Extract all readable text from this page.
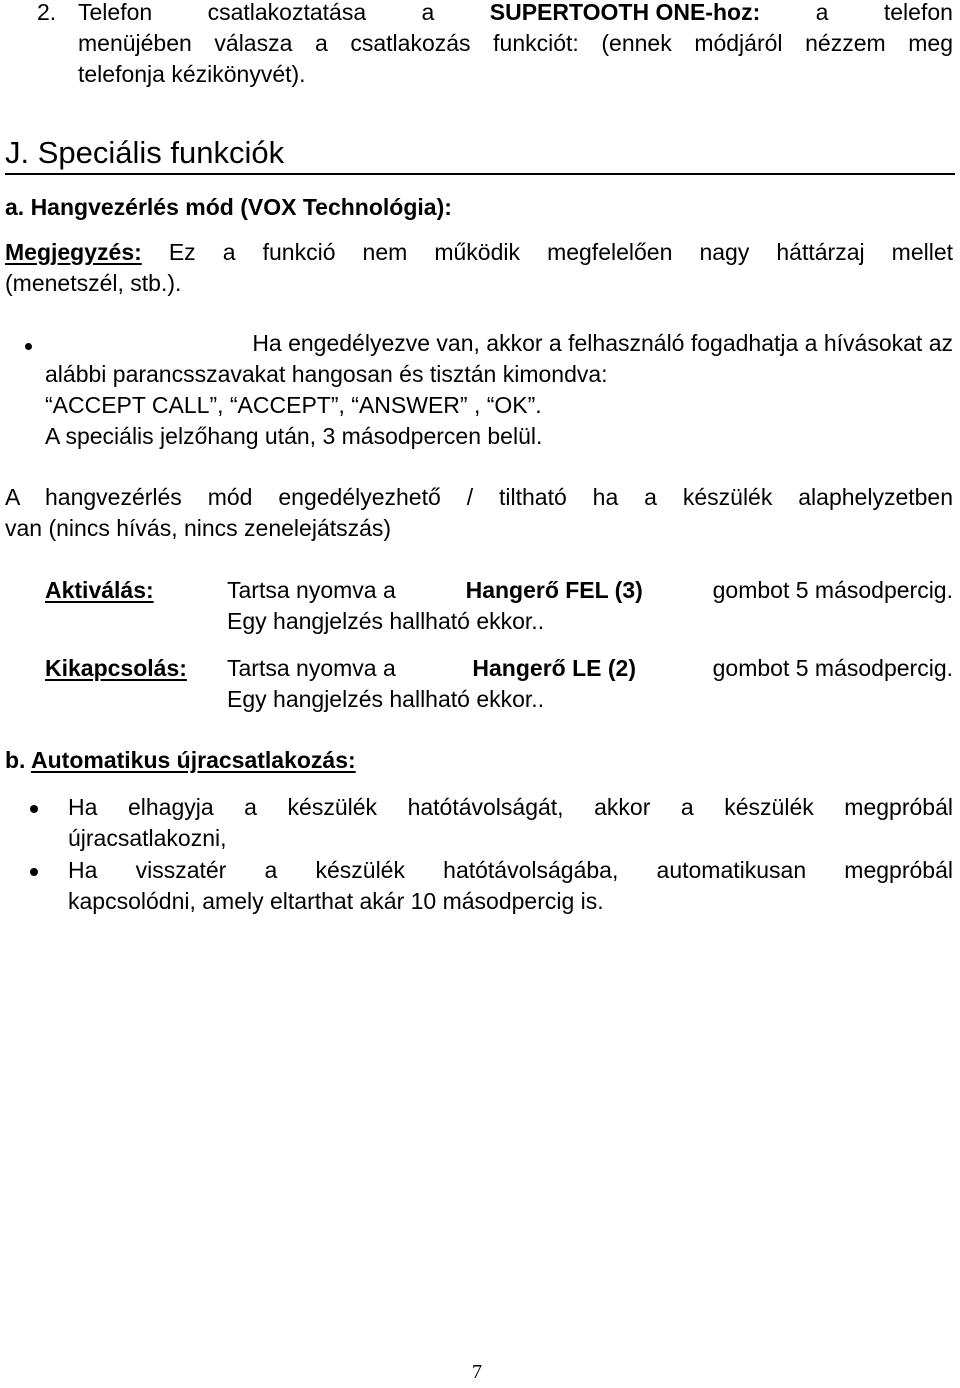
2. Telefon csatlakoztatása a SUPERTOOTH ONE-hoz: a telefon
menüjében válasza a csatlakozás funkciót: (ennek módjáról nézzem meg
telefonja kézikönyvét).
J. Speciális funkciók
a. Hangvezérlés mód (VOX Technológia):
Megjegyzés: Ez a funkció nem működik megfelelően nagy háttárzaj mellet
(menetszél, stb.).
Ha engedélyezve van, akkor a felhasználó fogadhatja a hívásokat az
alábbi parancsszavakat hangosan és tisztán kimondva:
“ACCEPT CALL”, “ACCEPT”, “ANSWER” , “OK”.
A speciális jelzőhang után, 3 másodpercen belül.
A hangvezérlés mód engedélyezhető / tiltható ha a készülék alaphelyzetben
van (nincs hívás, nincs zenelejátszás)
Aktiválás:	Tartsa nyomva a	Hangerő FEL (3)	gombot 5 másodpercig.
Egy hangjelzés hallható ekkor..
Kikapcsolás: Tartsa nyomva a	Hangerő LE (2)	gombot 5 másodpercig.
Egy hangjelzés hallható ekkor..
b. Automatikus újracsatlakozás:
Ha elhagyja a készülék hatótávolságát, akkor a készülék megpróbál
újracsatlakozni,
Ha visszatér a készülék hatótávolságába, automatikusan megpróbál
kapcsolódni, amely eltarthat akár 10 másodpercig is.
7
